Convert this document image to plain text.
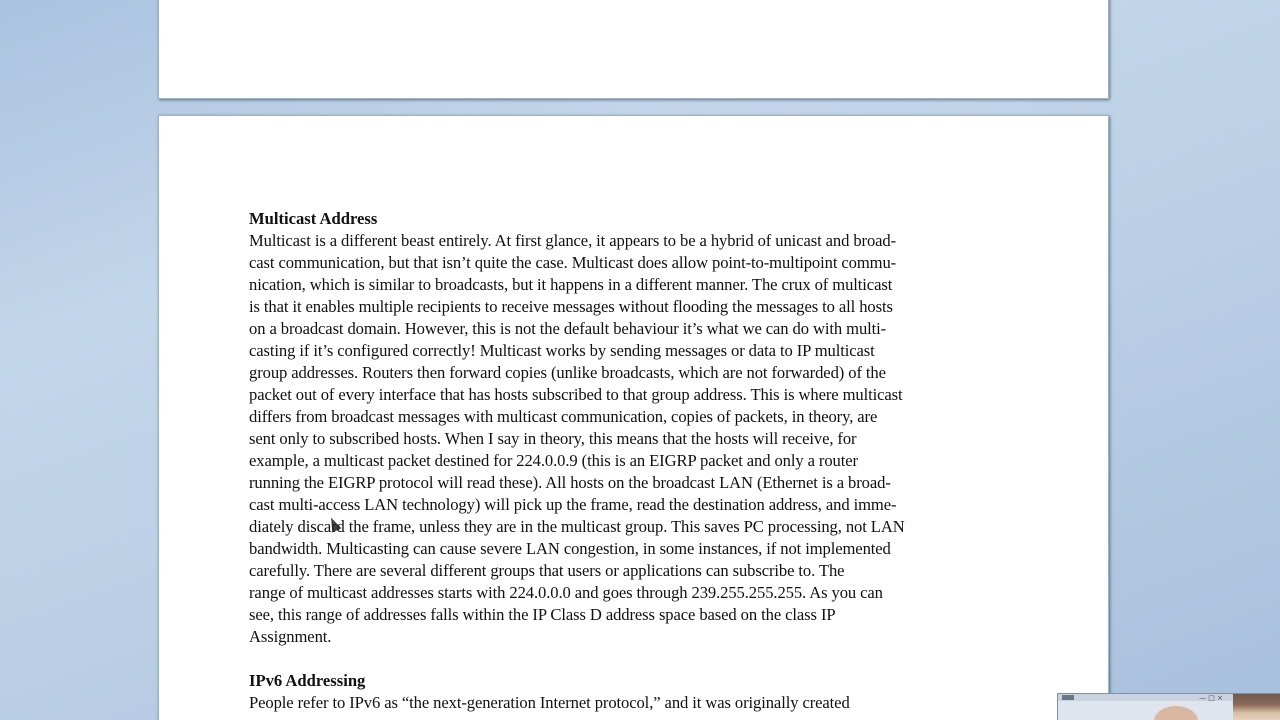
Multicast Address

Multicast is a different beast entirely. At first glance, it appears to be a hybrid of unicast and broad-

cast communication, but that isn’t quite the case. Multicast does allow point-to-multipoint commu-

nication, which is similar to broadcasts, but it happens in a different manner. The crux of multicast

is that it enables multiple recipients to receive messages without flooding the messages to all hosts

on a broadcast domain. However, this is not the default behaviour it’s what we can do with multi-

casting if it’s configured correctly! Multicast works by sending messages or data to IP multicast

group addresses. Routers then forward copies (unlike broadcasts, which are not forwarded) of the

packet out of every interface that has hosts subscribed to that group address. This is where multicast

differs from broadcast messages with multicast communication, copies of packets, in theory, are

sent only to subscribed hosts. When I say in theory, this means that the hosts will receive, for

example, a multicast packet destined for 224.0.0.9 (this is an EIGRP packet and only a router

running the EIGRP protocol will read these). All hosts on the broadcast LAN (Ethernet is a broad-

cast multi-access LAN technology) will pick up the frame, read the destination address, and imme-

diately discard the frame, unless they are in the multicast group. This saves PC processing, not LAN

bandwidth. Multicasting can cause severe LAN congestion, in some instances, if not implemented

carefully. There are several different groups that users or applications can subscribe to. The

range of multicast addresses starts with 224.0.0.0 and goes through 239.255.255.255. As you can

see, this range of addresses falls within the IP Class D address space based on the class IP

Assignment.

IPv6 Addressing

People refer to IPv6 as “the next-generation Internet protocol,” and it was originally created	— □ ×
